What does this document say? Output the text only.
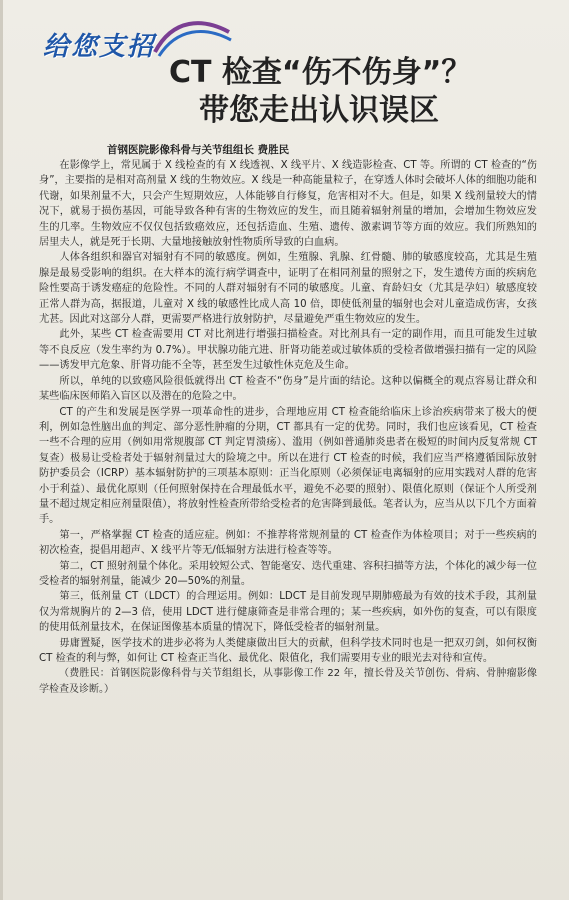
给您支招
CT 检查“伤不伤身”？
带您走出认识误区
首钢医院影像科骨与关节组组长 费胜民

在影像学上，常见属于 X 线检查的有 X 线透视、X 线平片、X 线造影检查、CT 等。所谓的 CT 检查的“伤身”，主要指的是相对高剂量 X 线的生物效应。X 线是一种高能量粒子，在穿透人体时会破坏人体的细胞功能和代谢，如果剂量不大，只会产生短期效应，人体能够自行修复，危害相对不大。但是，如果 X 线剂量较大的情况下，就易于损伤基因，可能导致各种有害的生物效应的发生，而且随着辐射剂量的增加，会增加生物效应发生的几率。生物效应不仅仅包括致癌效应，还包括造血、生殖、遗传、激素调节等方面的效应。我们所熟知的居里夫人，就是死于长期、大量地接触放射性物质所导致的白血病。

人体各组织和器官对辐射有不同的敏感度。例如，生殖腺、乳腺、红骨髓、肺的敏感度较高，尤其是生殖腺是最易受影响的组织。在大样本的流行病学调查中，证明了在相同剂量的照射之下，发生遗传方面的疾病危险性要高于诱发癌症的危险性。不同的人群对辐射有不同的敏感度。儿童、育龄妇女（尤其是孕妇）敏感度较正常人群为高，据报道，儿童对 X 线的敏感性比成人高 10 倍，即使低剂量的辐射也会对儿童造成伤害，女孩尤甚。因此对这部分人群，更需要严格进行放射防护，尽量避免严重生物效应的发生。

此外，某些 CT 检查需要用 CT 对比剂进行增强扫描检查。对比剂具有一定的副作用，而且可能发生过敏等不良反应（发生率约为 0.7%）。甲状腺功能亢进、肝肾功能差或过敏体质的受检者做增强扫描有一定的风险——诱发甲亢危象、肝肾功能不全等，甚至发生过敏性休克危及生命。

所以，单纯的以致癌风险很低就得出 CT 检查不“伤身”是片面的结论。这种以偏概全的观点容易让群众和某些临床医师陷入盲区以及潜在的危险之中。

CT 的产生和发展是医学界一项革命性的进步，合理地应用 CT 检查能给临床上诊治疾病带来了极大的便利，例如急性脑出血的判定、部分恶性肿瘤的分期，CT 都具有一定的优势。同时，我们也应该看见，CT 检查一些不合理的应用（例如用常规腹部 CT 判定胃溃疡）、滥用（例如普通肺炎患者在极短的时间内反复常规 CT 复查）极易让受检者处于辐射剂量过大的险境之中。所以在进行 CT 检查的时候，我们应当严格遵循国际放射防护委员会（ICRP）基本辐射防护的三项基本原则：正当化原则（必须保证电离辐射的应用实践对人群的危害小于利益）、最优化原则（任何照射保持在合理最低水平，避免不必要的照射）、限值化原则（保证个人所受剂量不超过规定相应剂量限值），将放射性检查所带给受检者的危害降到最低。笔者认为，应当从以下几个方面着手。

第一，严格掌握 CT 检查的适应症。例如：不推荐将常规剂量的 CT 检查作为体检项目；对于一些疾病的初次检查，提倡用超声、X 线平片等无/低辐射方法进行检查等等。

第二，CT 照射剂量个体化。采用较短公式、智能毫安、迭代重建、容积扫描等方法，个体化的减少每一位受检者的辐射剂量，能减少 20—50%的剂量。

第三，低剂量 CT（LDCT）的合理运用。例如：LDCT 是目前发现早期肺癌最为有效的技术手段，其剂量仅为常规胸片的 2—3 倍，使用 LDCT 进行健康筛查是非常合理的；某一些疾病，如外伤的复查，可以有限度的使用低剂量技术，在保证图像基本质量的情况下，降低受检者的辐射剂量。

毋庸置疑，医学技术的进步必将为人类健康做出巨大的贡献，但科学技术同时也是一把双刃剑，如何权衡 CT 检查的利与弊，如何让 CT 检查正当化、最优化、限值化，我们需要用专业的眼光去对待和宣传。

（费胜民：首钢医院影像科骨与关节组组长，从事影像工作 22 年，擅长骨及关节创伤、骨病、骨肿瘤影像学检查及诊断。）
